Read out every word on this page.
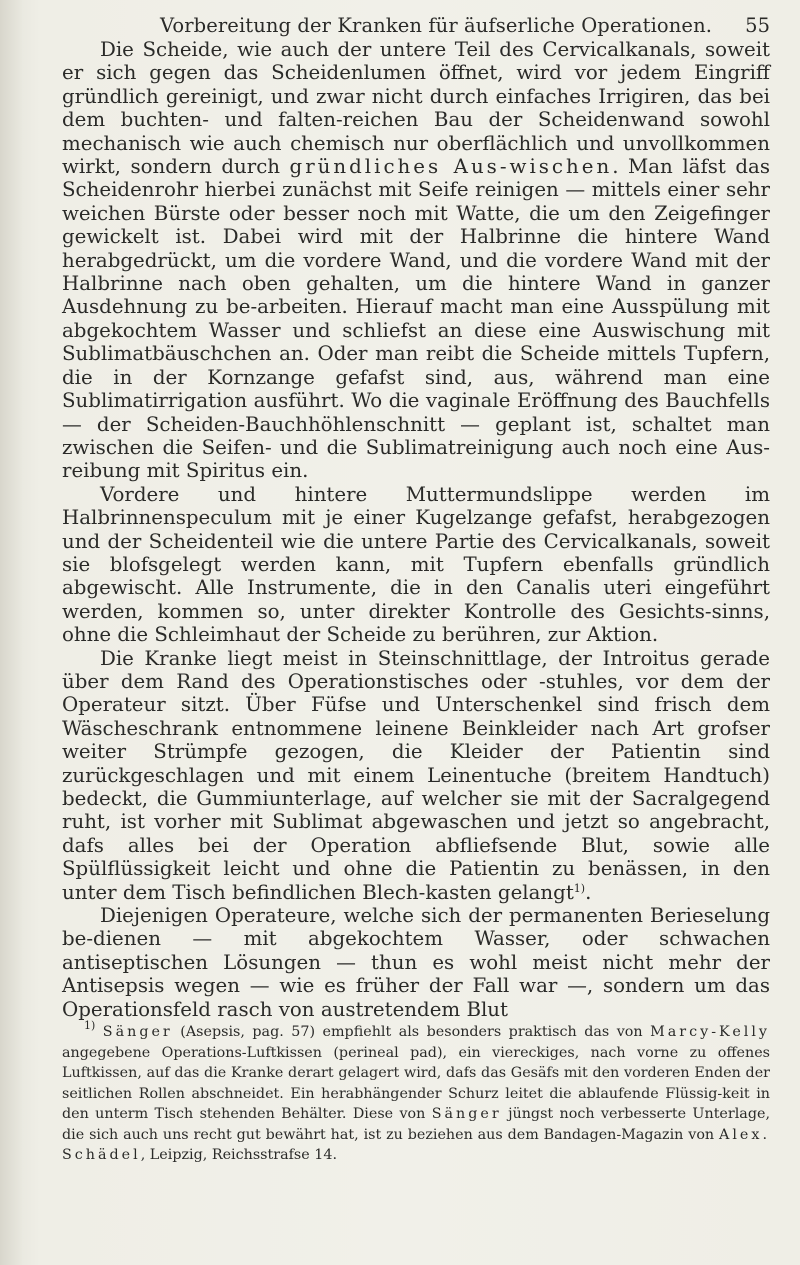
Vorbereitung der Kranken für äufserliche Operationen. 55

Die Scheide, wie auch der untere Teil des Cervicalkanals, soweit er sich gegen das Scheidenlumen öffnet, wird vor jedem Eingriff gründlich gereinigt, und zwar nicht durch einfaches Irrigiren, das bei dem buchten- und falten-reichen Bau der Scheidenwand sowohl mechanisch wie auch chemisch nur oberflächlich und unvollkommen wirkt, sondern durch gründliches Aus-wischen. Man läfst das Scheidenrohr hierbei zunächst mit Seife reinigen — mittels einer sehr weichen Bürste oder besser noch mit Watte, die um den Zeigefinger gewickelt ist. Dabei wird mit der Halbrinne die hintere Wand herabgedrückt, um die vordere Wand, und die vordere Wand mit der Halbrinne nach oben gehalten, um die hintere Wand in ganzer Ausdehnung zu be-arbeiten. Hierauf macht man eine Ausspülung mit abgekochtem Wasser und schliefst an diese eine Auswischung mit Sublimatbäuschchen an. Oder man reibt die Scheide mittels Tupfern, die in der Kornzange gefafst sind, aus, während man eine Sublimatirrigation ausführt. Wo die vaginale Eröffnung des Bauchfells — der Scheiden-Bauchhöhlenschnitt — geplant ist, schaltet man zwischen die Seifen- und die Sublimatreinigung auch noch eine Aus-reibung mit Spiritus ein.

Vordere und hintere Muttermundslippe werden im Halbrinnenspeculum mit je einer Kugelzange gefafst, herabgezogen und der Scheidenteil wie die untere Partie des Cervicalkanals, soweit sie blofsgelegt werden kann, mit Tupfern ebenfalls gründlich abgewischt. Alle Instrumente, die in den Canalis uteri eingeführt werden, kommen so, unter direkter Kontrolle des Gesichts-sinns, ohne die Schleimhaut der Scheide zu berühren, zur Aktion.

Die Kranke liegt meist in Steinschnittlage, der Introitus gerade über dem Rand des Operationstisches oder -stuhles, vor dem der Operateur sitzt. Über Füfse und Unterschenkel sind frisch dem Wäscheschrank entnommene leinene Beinkleider nach Art grofser weiter Strümpfe gezogen, die Kleider der Patientin sind zurückgeschlagen und mit einem Leinentuche (breitem Handtuch) bedeckt, die Gummiunterlage, auf welcher sie mit der Sacralgegend ruht, ist vorher mit Sublimat abgewaschen und jetzt so angebracht, dafs alles bei der Operation abfliefsende Blut, sowie alle Spülflüssigkeit leicht und ohne die Patientin zu benässen, in den unter dem Tisch befindlichen Blech-kasten gelangt$^{1)}$.

Diejenigen Operateure, welche sich der permanenten Berieselung be-dienen — mit abgekochtem Wasser, oder schwachen antiseptischen Lösungen — thun es wohl meist nicht mehr der Antisepsis wegen — wie es früher der Fall war —, sondern um das Operationsfeld rasch von austretendem Blut

$^{1)}$ Sänger (Asepsis, pag. 57) empfiehlt als besonders praktisch das von Marcy-Kelly angegebene Operations-Luftkissen (perineal pad), ein viereckiges, nach vorne zu offenes Luftkissen, auf das die Kranke derart gelagert wird, dafs das Gesäfs mit den vorderen Enden der seitlichen Rollen abschneidet. Ein herabhängender Schurz leitet die ablaufende Flüssig-keit in den unterm Tisch stehenden Behälter. Diese von Sänger jüngst noch verbesserte Unterlage, die sich auch uns recht gut bewährt hat, ist zu beziehen aus dem Bandagen-Magazin von Alex. Schädel, Leipzig, Reichsstrafse 14.
